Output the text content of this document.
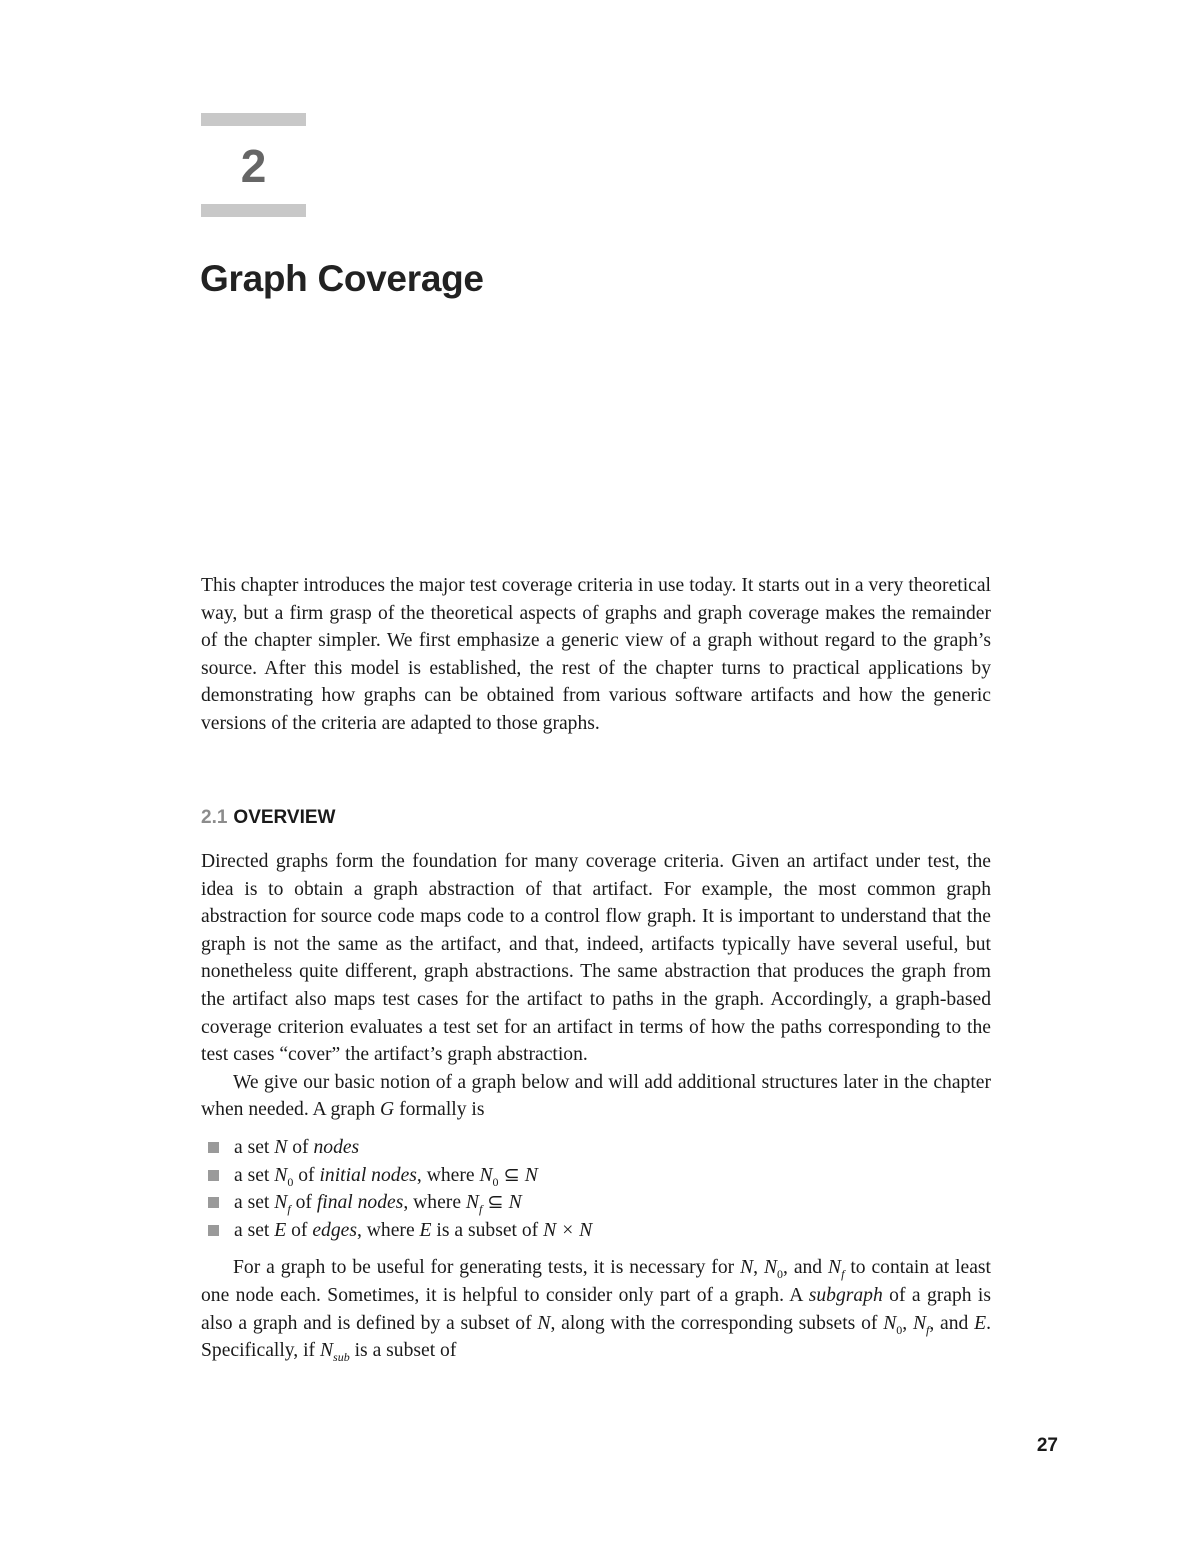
2
Graph Coverage

This chapter introduces the major test coverage criteria in use today. It starts out in a very theoretical way, but a firm grasp of the theoretical aspects of graphs and graph coverage makes the remainder of the chapter simpler. We first emphasize a generic view of a graph without regard to the graph’s source. After this model is established, the rest of the chapter turns to practical applications by demonstrating how graphs can be obtained from various software artifacts and how the generic versions of the criteria are adapted to those graphs.

2.1 OVERVIEW

Directed graphs form the foundation for many coverage criteria. Given an artifact under test, the idea is to obtain a graph abstraction of that artifact. For example, the most common graph abstraction for source code maps code to a control flow graph. It is important to understand that the graph is not the same as the artifact, and that, indeed, artifacts typically have several useful, but nonetheless quite different, graph abstractions. The same abstraction that produces the graph from the artifact also maps test cases for the artifact to paths in the graph. Accordingly, a graph-based coverage criterion evaluates a test set for an artifact in terms of how the paths corresponding to the test cases “cover” the artifact’s graph abstraction.

We give our basic notion of a graph below and will add additional structures later in the chapter when needed. A graph G formally is

a set N of nodes
a set $N_0$ of initial nodes, where $N_0$ ⊆ N
a set $N_f$ of final nodes, where $N_f$ ⊆ N
a set E of edges, where E is a subset of N × N

For a graph to be useful for generating tests, it is necessary for N, $N_0$, and $N_f$ to contain at least one node each. Sometimes, it is helpful to consider only part of a graph. A subgraph of a graph is also a graph and is defined by a subset of N, along with the corresponding subsets of $N_0$, $N_f$, and E. Specifically, if $N_{sub}$ is a subset of

27
